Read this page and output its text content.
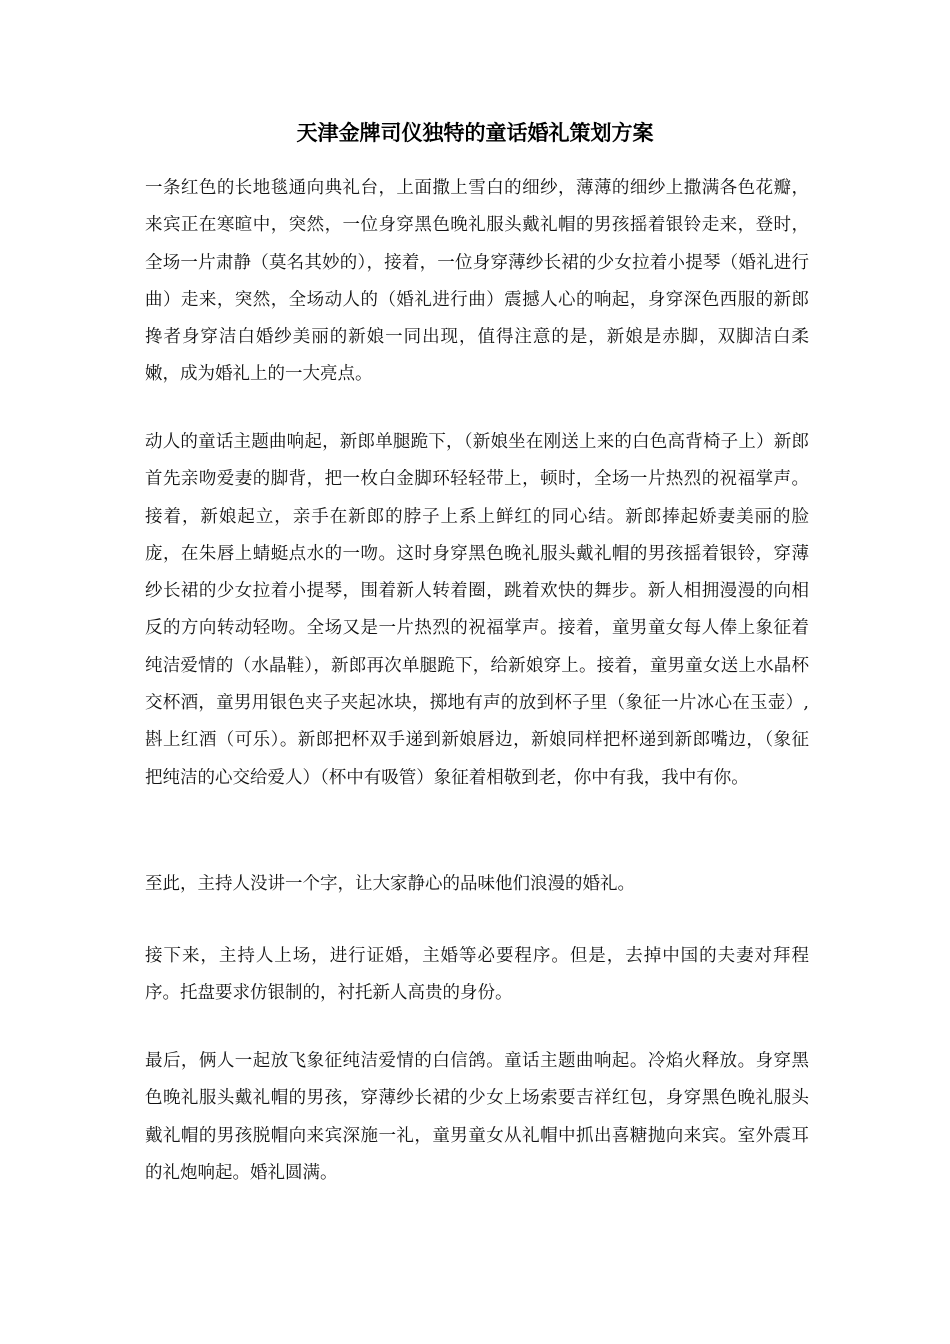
天津金牌司仪独特的童话婚礼策划方案

一条红色的长地毯通向典礼台，上面撒上雪白的细纱，薄薄的细纱上撒满各色花瓣，来宾正在寒暄中，突然，一位身穿黑色晚礼服头戴礼帽的男孩摇着银铃走来，登时，全场一片肃静（莫名其妙的），接着，一位身穿薄纱长裙的少女拉着小提琴（婚礼进行曲）走来，突然，全场动人的（婚礼进行曲）震撼人心的响起，身穿深色西服的新郎搀者身穿洁白婚纱美丽的新娘一同出现，值得注意的是，新娘是赤脚，双脚洁白柔嫩，成为婚礼上的一大亮点。

动人的童话主题曲响起，新郎单腿跪下，（新娘坐在刚送上来的白色高背椅子上）新郎首先亲吻爱妻的脚背，把一枚白金脚环轻轻带上，顿时，全场一片热烈的祝福掌声。接着，新娘起立，亲手在新郎的脖子上系上鲜红的同心结。新郎捧起娇妻美丽的脸庞，在朱唇上蜻蜓点水的一吻。这时身穿黑色晚礼服头戴礼帽的男孩摇着银铃，穿薄纱长裙的少女拉着小提琴，围着新人转着圈，跳着欢快的舞步。新人相拥漫漫的向相反的方向转动轻吻。全场又是一片热烈的祝福掌声。接着，童男童女每人俸上象征着纯洁爱情的（水晶鞋），新郎再次单腿跪下，给新娘穿上。接着，童男童女送上水晶杯交杯酒，童男用银色夹子夹起冰块，掷地有声的放到杯子里（象征一片冰心在玉壶）,斟上红酒（可乐）。新郎把杯双手递到新娘唇边，新娘同样把杯递到新郎嘴边，（象征把纯洁的心交给爱人）（杯中有吸管）象征着相敬到老，你中有我，我中有你。

至此，主持人没讲一个字，让大家静心的品味他们浪漫的婚礼。

接下来，主持人上场，进行证婚，主婚等必要程序。但是，去掉中国的夫妻对拜程序。托盘要求仿银制的，衬托新人高贵的身份。

最后，俩人一起放飞象征纯洁爱情的白信鸽。童话主题曲响起。冷焰火释放。身穿黑色晚礼服头戴礼帽的男孩，穿薄纱长裙的少女上场索要吉祥红包，身穿黑色晚礼服头戴礼帽的男孩脱帽向来宾深施一礼，童男童女从礼帽中抓出喜糖抛向来宾。室外震耳的礼炮响起。婚礼圆满。
